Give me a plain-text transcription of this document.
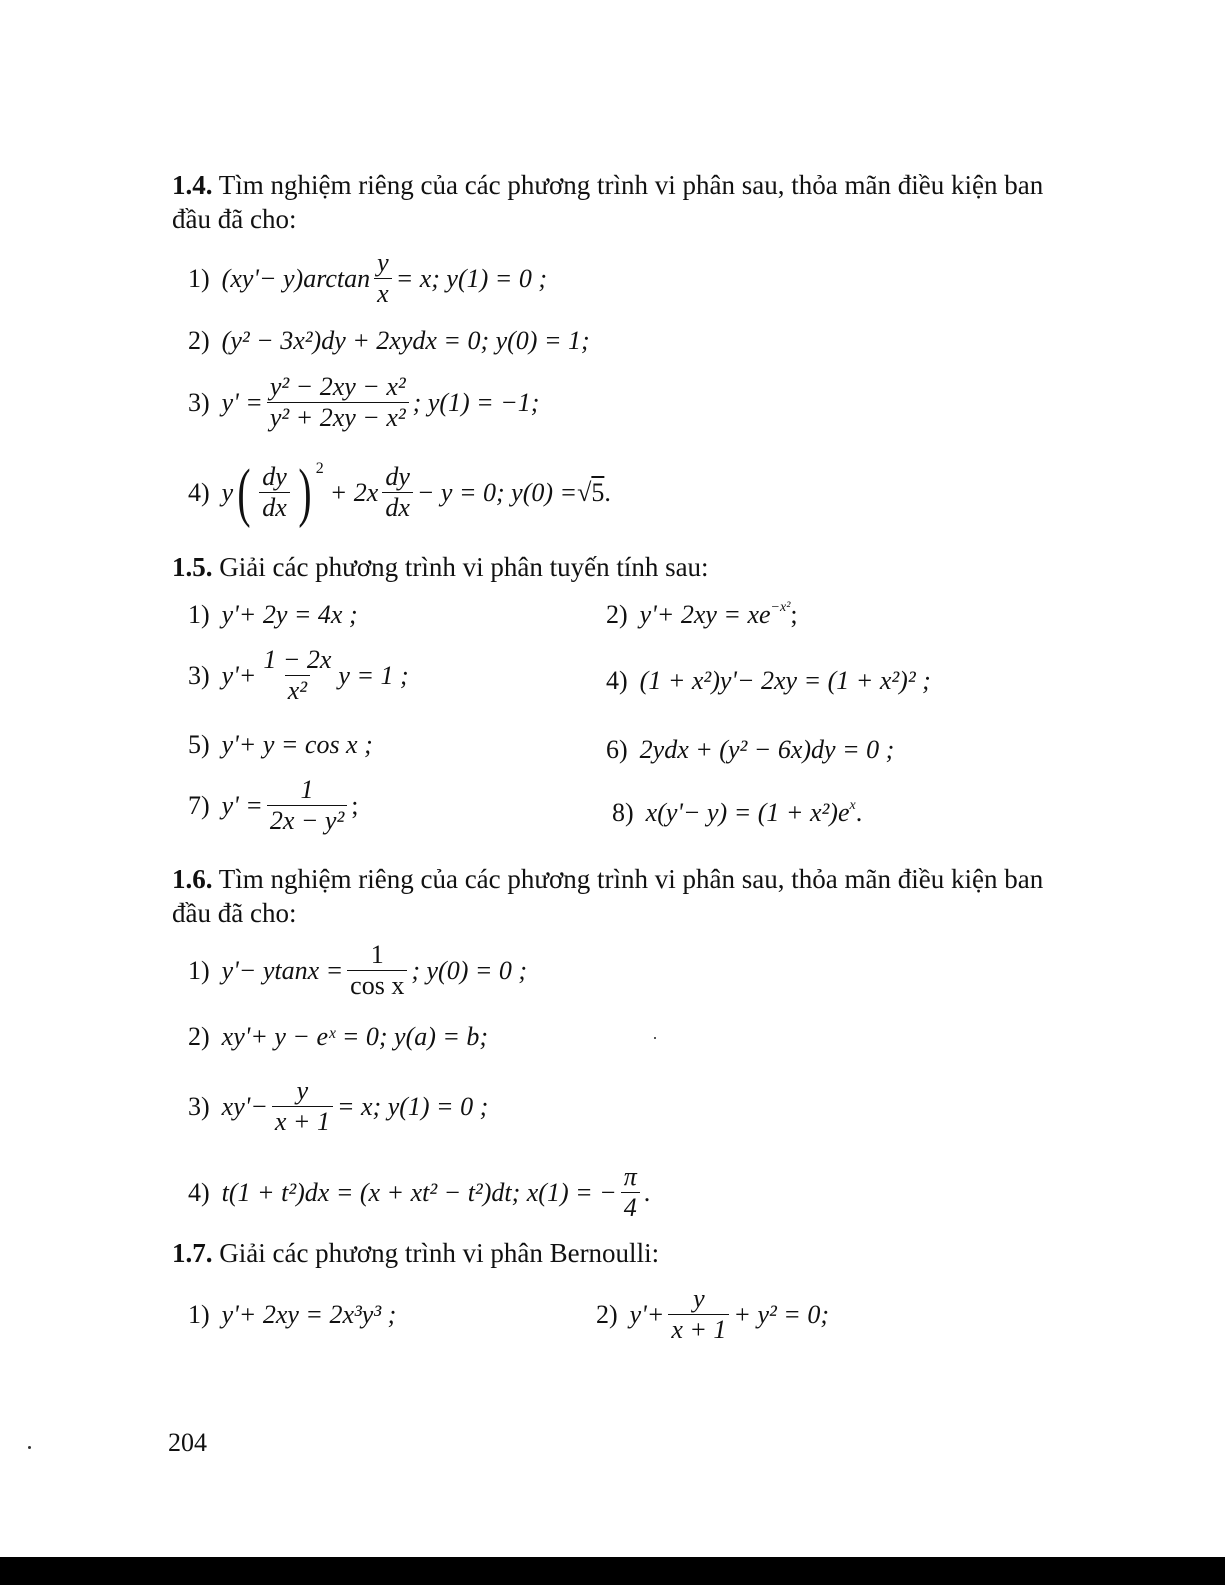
1.4. Tìm nghiệm riêng của các phương trình vi phân sau, thỏa mãn điều kiện ban đầu đã cho:
1) $(xy'- y)\arctan \frac{y}{x} = x$; y(1) = 0 ;
2) (y² − 3x²)dy + 2xydx = 0; y(0) = 1;
3) $y' = \frac{\text{y² − 2xy − x²}}{\text{y² + 2xy − x²}}$ ; y(1) = −1;
4) y ( $\frac{dy}{dx}$ ) $^2$
+ $2x \frac{dy}{dx} - y = 0$; y(0) = √ 5 .
1.5. Giải các phương trình vi phân tuyến tính sau:
1) y'+ 2y = 4x ;	2) $y'+ 2xy = xe^{-x^2}$ ;
3) $y'+ \frac{1 - 2x}{\text{x²}}$ y = 1 ;	4) (1 + x²)y'− 2xy = (1 + x²)² ;
5) y'+ y = cos x ;	6) 2ydx + (y² − 6x)dy = 0 ;
7) $y' = \frac{1}{\text{2x − y²}}$ ;	8) $x(y'- y) = (1 + x^2)e^x$ .
1.6. Tìm nghiệm riêng của các phương trình vi phân sau, thỏa mãn điều kiện ban đầu đã cho:
1) $y'- ytanx = \frac{1}{\text{cos x}}$ ; y(0) = 0 ;
2) xy'+ y − eˣ = 0; y(a) = b;
3) $xy'- \frac{y}{x + 1} = x$; y(1) = 0 ;
4) t(1 + t²)dx = (x + xt² − t²)dt; x(1) = − $\frac{\pi}{4}$ .
1.7. Giải các phương trình vi phân Bernoulli:
1) y'+ 2xy = 2x³y³ ;	2) $y'+ \frac{y}{x + 1} + y^2 = 0$;
204
